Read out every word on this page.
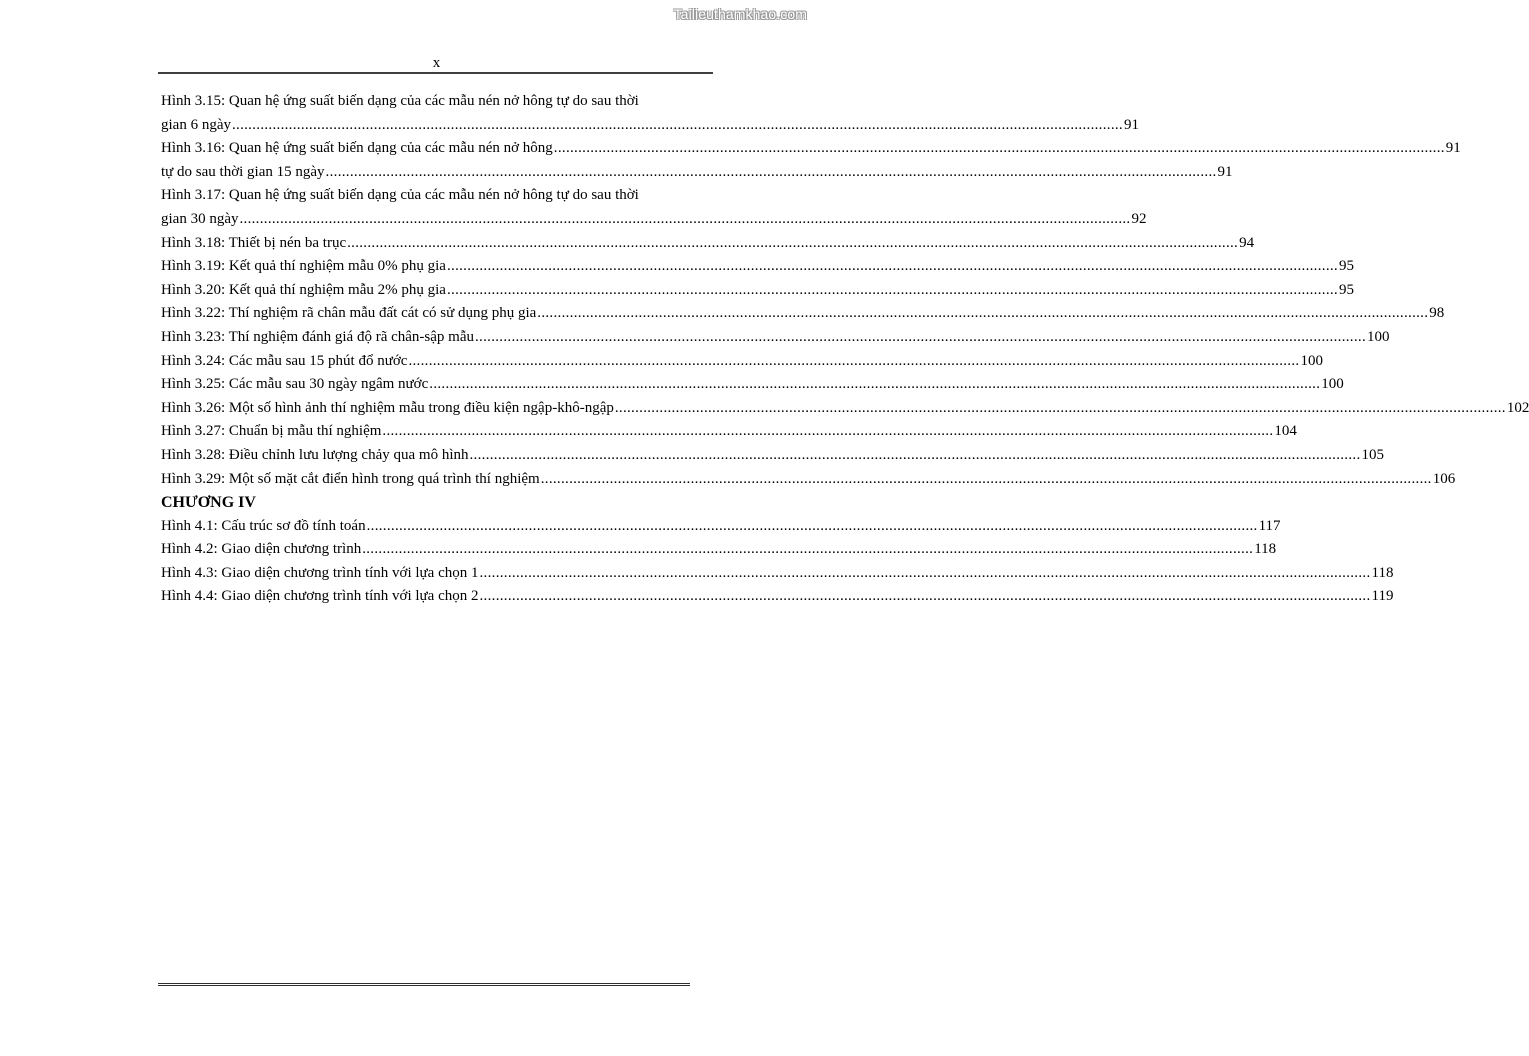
Tailieuthamkhao.com
x
Hình 3.15: Quan hệ ứng suất biến dạng của các mẫu nén nở hông tự do sau thời
gian 6 ngày ............................................................................................................................................................................................................................ 91
Hình 3.16: Quan hệ ứng suất biến dạng của các mẫu nén nở hông ............................................................................................................................................................................................................................ 91
tự do sau thời gian 15 ngày ............................................................................................................................................................................................................................ 91
Hình 3.17: Quan hệ ứng suất biến dạng của các mẫu nén nở hông tự do sau thời
gian 30 ngày ............................................................................................................................................................................................................................ 92
Hình 3.18: Thiết bị nén ba trục ............................................................................................................................................................................................................................ 94
Hình 3.19: Kết quả thí nghiệm mẫu 0% phụ gia ............................................................................................................................................................................................................................ 95
Hình 3.20: Kết quả thí nghiệm mẫu 2% phụ gia ............................................................................................................................................................................................................................ 95
Hình 3.22: Thí nghiệm rã chân mẫu đất cát có sử dụng phụ gia ............................................................................................................................................................................................................................ 98
Hình 3.23: Thí nghiệm đánh giá độ rã chân-sập mẫu ............................................................................................................................................................................................................................ 100
Hình 3.24: Các mẫu sau 15 phút đổ nước ............................................................................................................................................................................................................................ 100
Hình 3.25: Các mẫu sau 30 ngày ngâm nước ............................................................................................................................................................................................................................ 100
Hình 3.26: Một số hình ảnh thí nghiệm mẫu trong điều kiện ngập-khô-ngập ............................................................................................................................................................................................................................ 102
Hình 3.27: Chuẩn bị mẫu thí nghiệm ............................................................................................................................................................................................................................ 104
Hình 3.28: Điều chỉnh lưu lượng chảy qua mô hình ............................................................................................................................................................................................................................ 105
Hình 3.29: Một số mặt cắt điển hình trong quá trình thí nghiệm ............................................................................................................................................................................................................................ 106
CHƯƠNG IV
Hình 4.1: Cấu trúc sơ đồ tính toán ............................................................................................................................................................................................................................ 117
Hình 4.2: Giao diện chương trình ............................................................................................................................................................................................................................ 118
Hình 4.3: Giao diện chương trình tính với lựa chọn 1 ............................................................................................................................................................................................................................ 118
Hình 4.4: Giao diện chương trình tính với lựa chọn 2 ............................................................................................................................................................................................................................ 119
